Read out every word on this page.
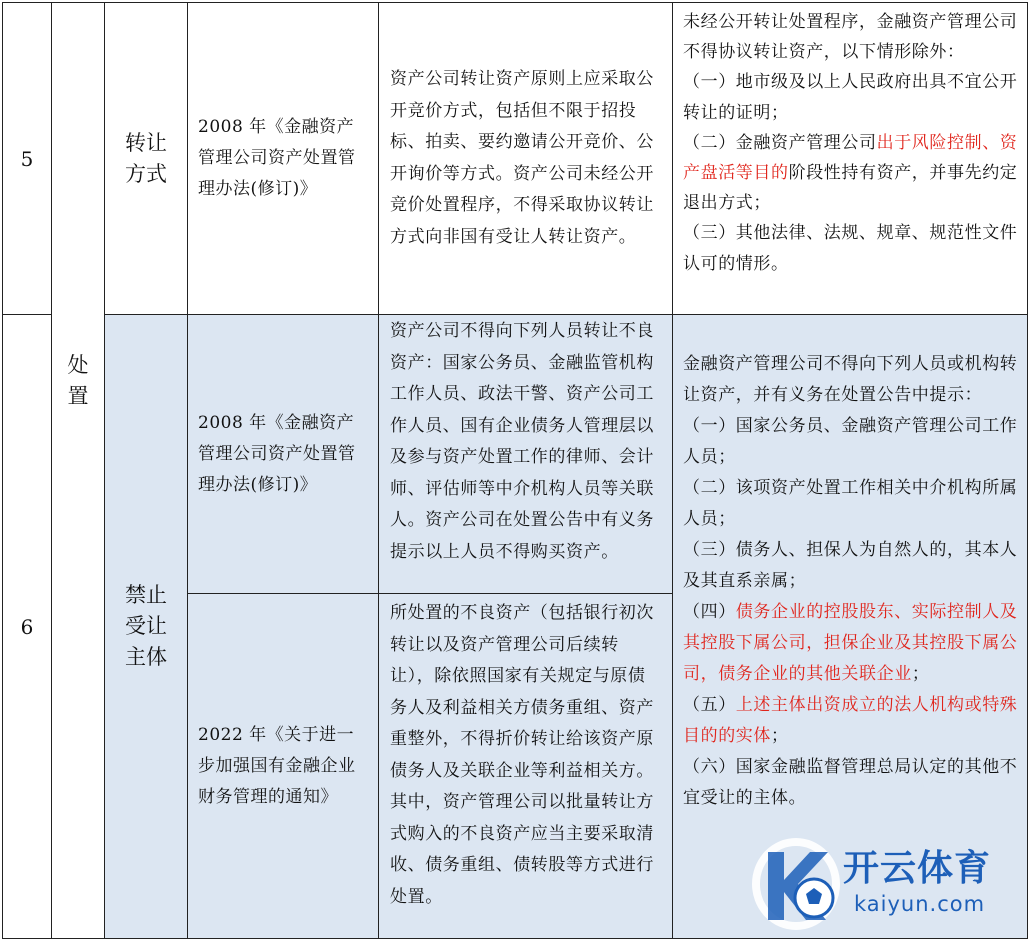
5
处
置
转让
方式
2008 年《金融资产管理公司资产处置管理办法(修订)》
资产公司转让资产原则上应采取公开竞价方式，包括但不限于招投标、拍卖、要约邀请公开竞价、公开询价等方式。资产公司未经公开竞价处置程序，不得采取协议转让方式向非国有受让人转让资产。

未经公开转让处置程序，金融资产管理公司不得协议转让资产，以下情形除外：

（一）地市级及以上人民政府出具不宜公开转让的证明；

（二）金融资产管理公司出于风险控制、资产盘活等目的阶段性持有资产，并事先约定退出方式；

（三）其他法律、法规、规章、规范性文件认可的情形。

6
禁止
受让
主体
2008 年《金融资产管理公司资产处置管理办法(修订)》
资产公司不得向下列人员转让不良资产：国家公务员、金融监管机构工作人员、政法干警、资产公司工作人员、国有企业债务人管理层以及参与资产处置工作的律师、会计师、评估师等中介机构人员等关联人。资产公司在处置公告中有义务提示以上人员不得购买资产。
2022 年《关于进一步加强国有金融企业财务管理的通知》
所处置的不良资产（包括银行初次转让以及资产管理公司后续转让），除依照国家有关规定与原债务人及利益相关方债务重组、资产重整外，不得折价转让给该资产原债务人及关联企业等利益相关方。其中，资产管理公司以批量转让方式购入的不良资产应当主要采取清收、债务重组、债转股等方式进行处置。

金融资产管理公司不得向下列人员或机构转让资产，并有义务在处置公告中提示：

（一）国家公务员、金融资产管理公司工作人员；

（二）该项资产处置工作相关中介机构所属人员；

（三）债务人、担保人为自然人的，其本人及其直系亲属；

（四）债务企业的控股股东、实际控制人及其控股下属公司，担保企业及其控股下属公司，债务企业的其他关联企业；

（五）上述主体出资成立的法人机构或特殊目的的实体；

（六）国家金融监督管理总局认定的其他不宜受让的主体。

开云体育
kaiyun.com
